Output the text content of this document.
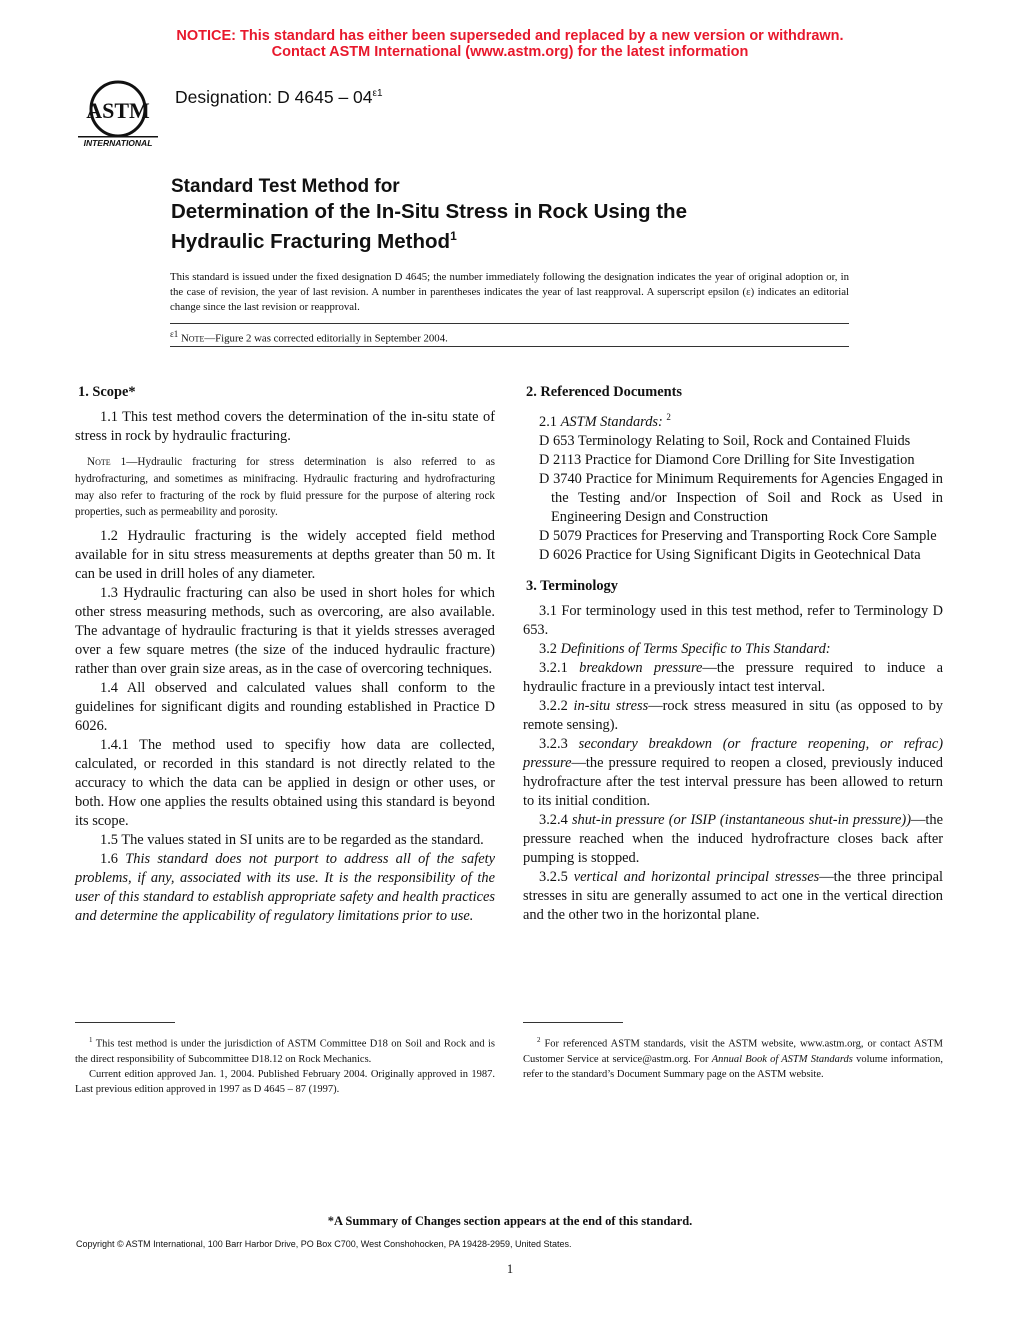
NOTICE: This standard has either been superseded and replaced by a new version or withdrawn.
Contact ASTM International (www.astm.org) for the latest information
ASTM
INTERNATIONAL
Designation: D $4645 - 04^{\varepsilon 1}$
Standard Test Method for
Determination of the In-Situ Stress in Rock Using the
Hydraulic Fracturing Method$^1$
This standard is issued under the fixed designation D 4645; the number immediately following the designation indicates the year of original adoption or, in the case of revision, the year of last revision. A number in parentheses indicates the year of last reapproval. A superscript epsilon (ε) indicates an editorial change since the last revision or reapproval.
$^{\varepsilon 1}$ Note—Figure 2 was corrected editorially in September 2004.
1. Scope*

1.1 This test method covers the determination of the in-situ state of stress in rock by hydraulic fracturing.

Note 1—Hydraulic fracturing for stress determination is also referred to as hydrofracturing, and sometimes as minifracing. Hydraulic fracturing and hydrofracturing may also refer to fracturing of the rock by fluid pressure for the purpose of altering rock properties, such as permeability and porosity.

1.2 Hydraulic fracturing is the widely accepted field method available for in situ stress measurements at depths greater than 50 m. It can be used in drill holes of any diameter.

1.3 Hydraulic fracturing can also be used in short holes for which other stress measuring methods, such as overcoring, are also available. The advantage of hydraulic fracturing is that it yields stresses averaged over a few square metres (the size of the induced hydraulic fracture) rather than over grain size areas, as in the case of overcoring techniques.

1.4 All observed and calculated values shall conform to the guidelines for significant digits and rounding established in Practice D 6026.

1.4.1 The method used to specifiy how data are collected, calculated, or recorded in this standard is not directly related to the accuracy to which the data can be applied in design or other uses, or both. How one applies the results obtained using this standard is beyond its scope.

1.5 The values stated in SI units are to be regarded as the standard.

1.6 This standard does not purport to address all of the safety problems, if any, associated with its use. It is the responsibility of the user of this standard to establish appropriate safety and health practices and determine the applicability of regulatory limitations prior to use.

2. Referenced Documents

2.1 ASTM Standards: $^2$

D 653 Terminology Relating to Soil, Rock and Contained Fluids

D 2113 Practice for Diamond Core Drilling for Site Investigation

D 3740 Practice for Minimum Requirements for Agencies Engaged in the Testing and/or Inspection of Soil and Rock as Used in Engineering Design and Construction

D 5079 Practices for Preserving and Transporting Rock Core Sample

D 6026 Practice for Using Significant Digits in Geotechnical Data

3. Terminology

3.1 For terminology used in this test method, refer to Terminology D 653.

3.2 Definitions of Terms Specific to This Standard:

3.2.1 breakdown pressure—the pressure required to induce a hydraulic fracture in a previously intact test interval.

3.2.2 in-situ stress—rock stress measured in situ (as opposed to by remote sensing).

3.2.3 secondary breakdown (or fracture reopening, or refrac) pressure—the pressure required to reopen a closed, previously induced hydrofracture after the test interval pressure has been allowed to return to its initial condition.

3.2.4 shut-in pressure (or ISIP (instantaneous shut-in pressure))—the pressure reached when the induced hydrofracture closes back after pumping is stopped.

3.2.5 vertical and horizontal principal stresses—the three principal stresses in situ are generally assumed to act one in the vertical direction and the other two in the horizontal plane.

$^1$ This test method is under the jurisdiction of ASTM Committee D18 on Soil and Rock and is the direct responsibility of Subcommittee D18.12 on Rock Mechanics.

Current edition approved Jan. 1, 2004. Published February 2004. Originally approved in 1987. Last previous edition approved in 1997 as D 4645 – 87 (1997).

$^2$ For referenced ASTM standards, visit the ASTM website, www.astm.org, or contact ASTM Customer Service at service@astm.org. For Annual Book of ASTM Standards volume information, refer to the standard’s Document Summary page on the ASTM website.

*A Summary of Changes section appears at the end of this standard.
Copyright © ASTM International, 100 Barr Harbor Drive, PO Box C700, West Conshohocken, PA 19428-2959, United States.
1
